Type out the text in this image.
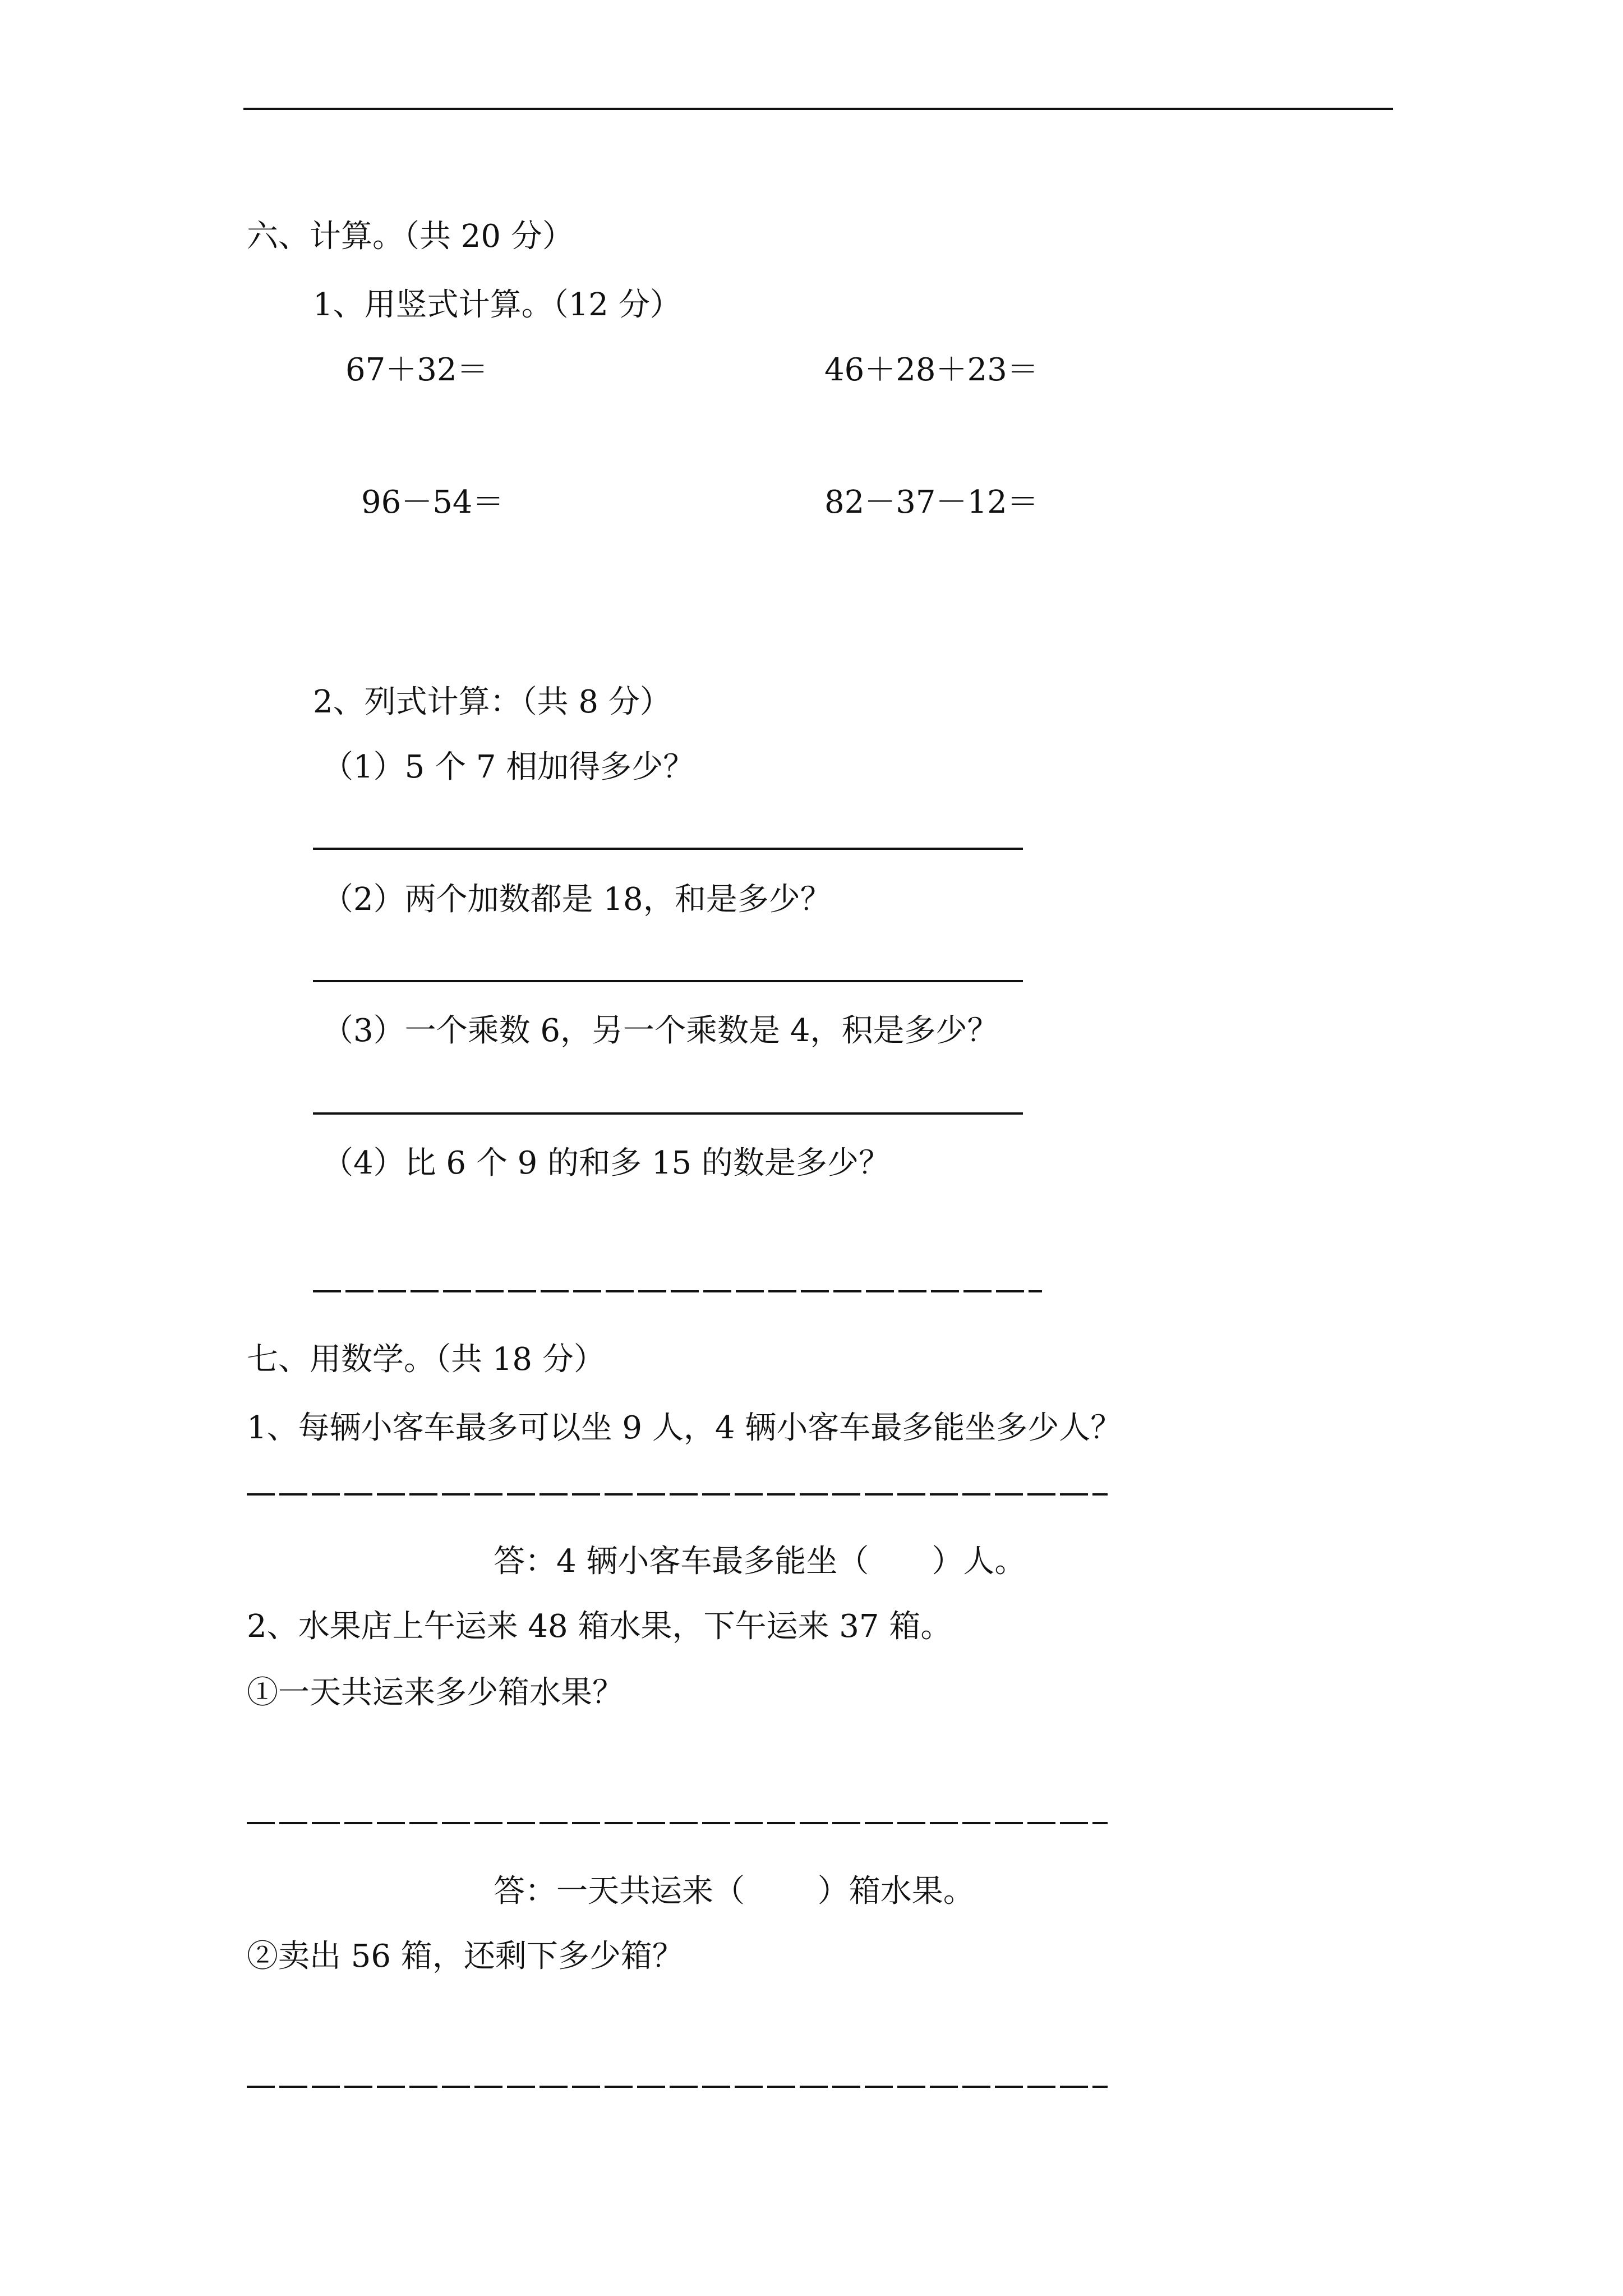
六、计算。（共 20 分）
1、用竖式计算。（12 分）
67＋32＝	46＋28＋23＝
96－54＝	82－37－12＝
2、列式计算：（共 8 分）
（1）5 个 7 相加得多少？
（2）两个加数都是 18，和是多少？
（3）一个乘数 6，另一个乘数是 4，积是多少？
（4）比 6 个 9 的和多 15 的数是多少？
七、用数学。（共 18 分）
1、每辆小客车最多可以坐 9 人，4 辆小客车最多能坐多少人？
答：4 辆小客车最多能坐（　　）人。
2、水果店上午运来 48 箱水果，下午运来 37 箱。
①一天共运来多少箱水果？
答：一天共运来（　　 ）箱水果。
②卖出 56 箱，还剩下多少箱？
